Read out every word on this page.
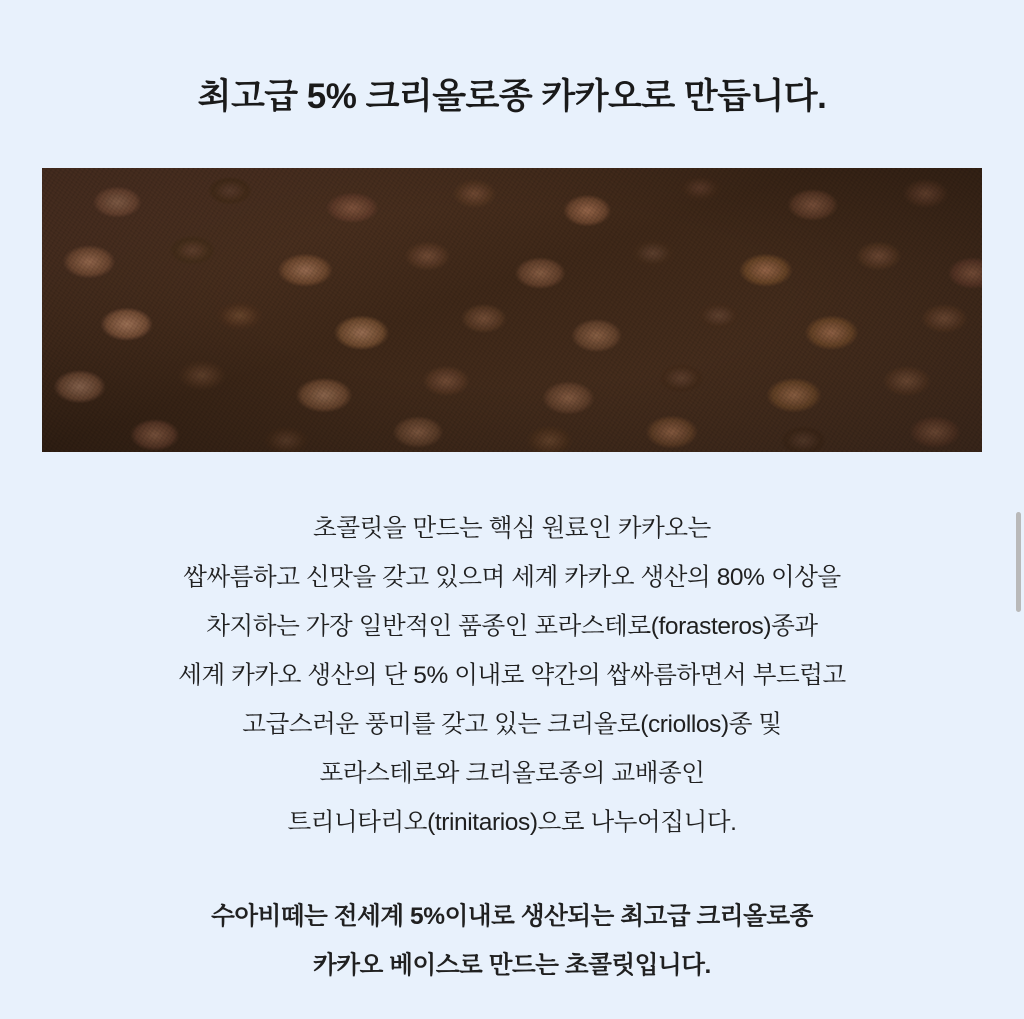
최고급 5% 크리올로종 카카오로 만듭니다.

초콜릿을 만드는 핵심 원료인 카카오는

쌉싸름하고 신맛을 갖고 있으며 세계 카카오 생산의 80% 이상을

차지하는 가장 일반적인 품종인 포라스테로(forasteros)종과

세계 카카오 생산의 단 5% 이내로 약간의 쌉싸름하면서 부드럽고

고급스러운 풍미를 갖고 있는 크리올로(criollos)종 및

포라스테로와 크리올로종의 교배종인

트리니타리오(trinitarios)으로 나누어집니다.

수아비떼는 전세계 5%이내로 생산되는 최고급 크리올로종

카카오 베이스로 만드는 초콜릿입니다.
